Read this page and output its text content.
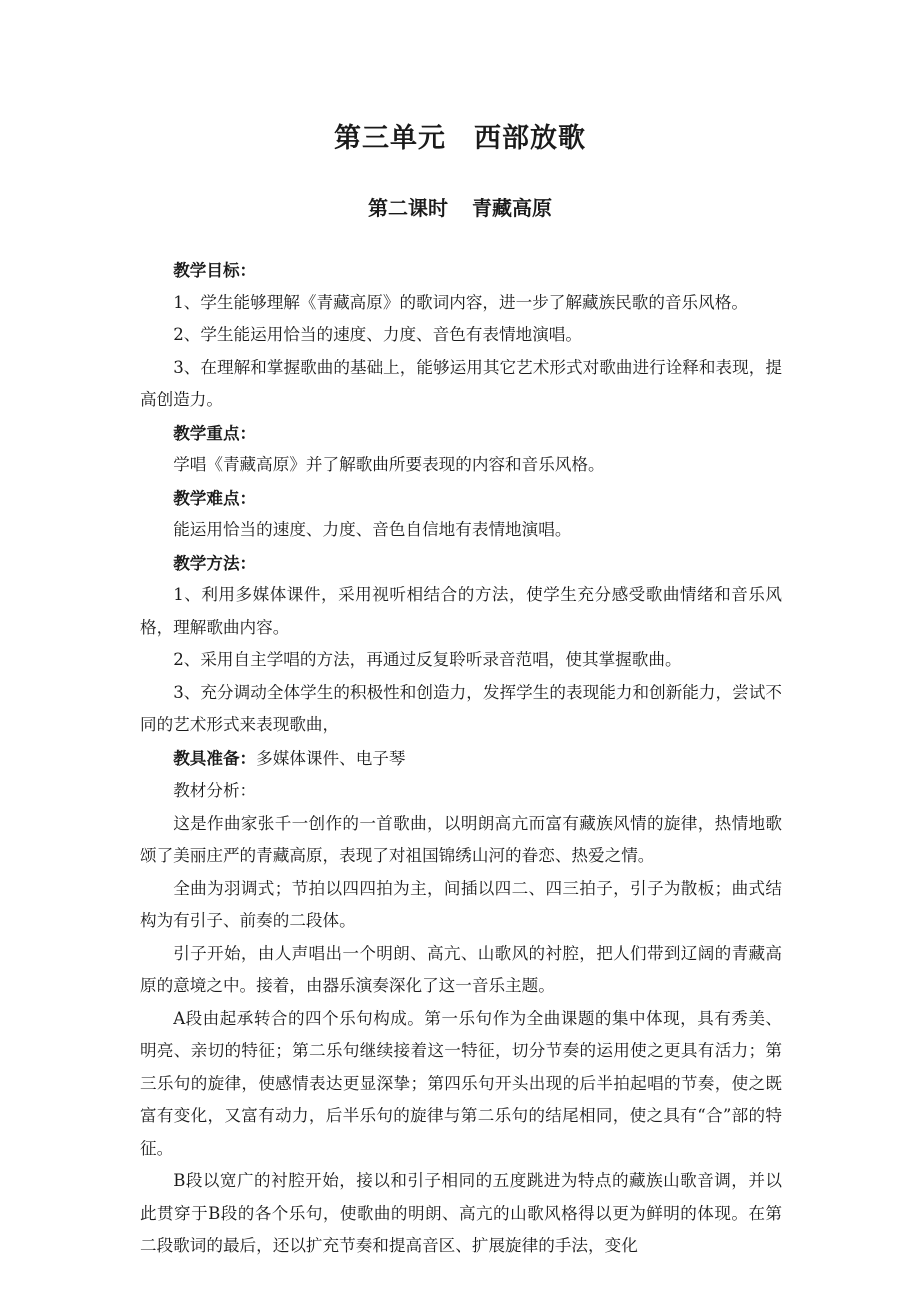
第三单元 西部放歌
第二课时 青藏高原

教学目标：

1、学生能够理解《青藏高原》的歌词内容，进一步了解藏族民歌的音乐风格。

2、学生能运用恰当的速度、力度、音色有表情地演唱。

3、在理解和掌握歌曲的基础上，能够运用其它艺术形式对歌曲进行诠释和表现，提高创造力。

教学重点：

学唱《青藏高原》并了解歌曲所要表现的内容和音乐风格。

教学难点：

能运用恰当的速度、力度、音色自信地有表情地演唱。

教学方法：

1、利用多媒体课件，采用视听相结合的方法，使学生充分感受歌曲情绪和音乐风格，理解歌曲内容。

2、采用自主学唱的方法，再通过反复聆听录音范唱，使其掌握歌曲。

3、充分调动全体学生的积极性和创造力，发挥学生的表现能力和创新能力，尝试不同的艺术形式来表现歌曲，

教具准备：多媒体课件、电子琴

教材分析：

这是作曲家张千一创作的一首歌曲，以明朗高亢而富有藏族风情的旋律，热情地歌颂了美丽庄严的青藏高原，表现了对祖国锦绣山河的眷恋、热爱之情。

全曲为羽调式；节拍以四四拍为主，间插以四二、四三拍子，引子为散板；曲式结构为有引子、前奏的二段体。

引子开始，由人声唱出一个明朗、高亢、山歌风的衬腔，把人们带到辽阔的青藏高原的意境之中。接着，由器乐演奏深化了这一音乐主题。

A段由起承转合的四个乐句构成。第一乐句作为全曲课题的集中体现，具有秀美、明亮、亲切的特征；第二乐句继续接着这一特征，切分节奏的运用使之更具有活力；第三乐句的旋律，使感情表达更显深挚；第四乐句开头出现的后半拍起唱的节奏，使之既富有变化，又富有动力，后半乐句的旋律与第二乐句的结尾相同，使之具有“合”部的特征。

B段以宽广的衬腔开始，接以和引子相同的五度跳进为特点的藏族山歌音调，并以此贯穿于B段的各个乐句，使歌曲的明朗、高亢的山歌风格得以更为鲜明的体现。在第二段歌词的最后，还以扩充节奏和提高音区、扩展旋律的手法，变化
